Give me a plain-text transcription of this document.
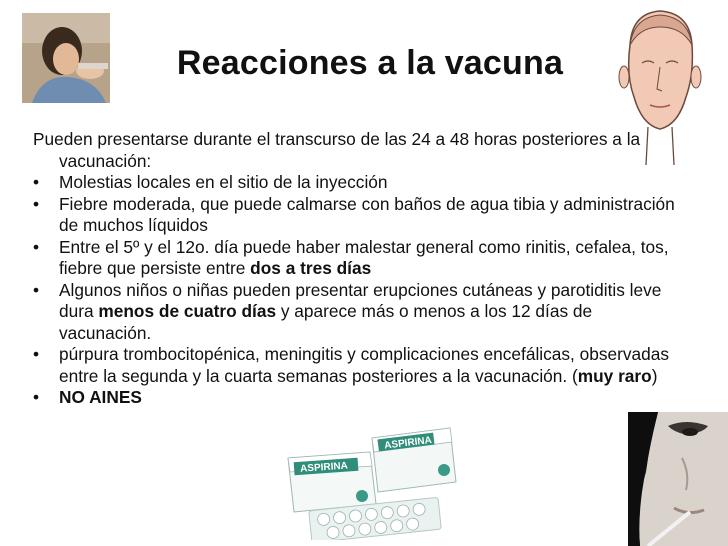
Reacciones a la vacuna
Pueden presentarse durante el transcurso de las 24 a 48 horas posteriores a la vacunación:
• Molestias locales en el sitio de la inyección
• Fiebre moderada, que puede calmarse con baños de agua tibia y administración de muchos líquidos
• Entre el 5º y el 12o. día puede haber malestar general como rinitis, cefalea, tos, fiebre que persiste entre dos a tres días
• Algunos niños o niñas pueden presentar erupciones cutáneas y parotiditis leve dura menos de cuatro días y aparece más o menos a los 12 días de vacunación.
• púrpura trombocitopénica, meningitis y complicaciones encefálicas, observadas entre la segunda y la cuarta semanas posteriores a la vacunación. (muy raro)
• NO AINES
ASPIRINA
ASPIRINA
